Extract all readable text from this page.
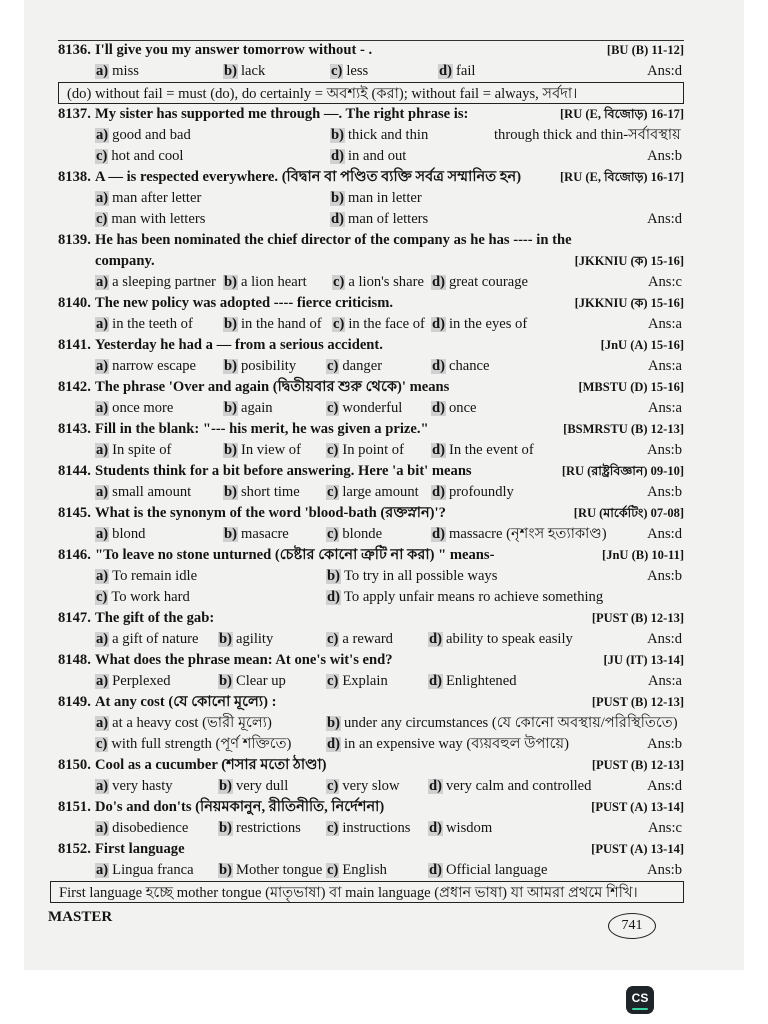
8136. I'll give you my answer tomorrow without - .	[BU (B) 11-12]
a) miss	b) lack	c) less	d) fail	Ans:d
(do) without fail = must (do), do certainly = অবশ্যই (করা); without fail = always, সর্বদা।
8137. My sister has supported me through —. The right phrase is:	[RU (E, বিজোড়) 16-17]
a) good and bad	b) thick and thin	through thick and thin-সর্বাবস্থায়
c) hot and cool	d) in and out	Ans:b
8138. A — is respected everywhere. (বিদ্বান বা পণ্ডিত ব্যক্তি সর্বত্র সম্মানিত হন)	[RU (E, বিজোড়) 16-17]
a) man after letter	b) man in letter
c) man with letters	d) man of letters	Ans:d
8139. He has been nominated the chief director of the company as he has ---- in the
company.	[JKKNIU (ক) 15-16]
a) a sleeping partner b) a lion heart c) a lion's share d) great courage	Ans:c
8140. The new policy was adopted ---- fierce criticism.	[JKKNIU (ক) 15-16]
a) in the teeth of b) in the hand of c) in the face of d) in the eyes of	Ans:a
8141. Yesterday he had a — from a serious accident.	[JnU (A) 15-16]
a) narrow escape b) posibility c) danger	d) chance	Ans:a
8142. The phrase 'Over and again (দ্বিতীয়বার শুরু থেকে)' means	[MBSTU (D) 15-16]
a) once more	b) again	c) wonderful d) once	Ans:a
8143. Fill in the blank: "--- his merit, he was given a prize."	[BSMRSTU (B) 12-13]
a) In spite of	b) In view of c) In point of d) In the event of	Ans:b
8144. Students think for a bit before answering. Here 'a bit' means	[RU (রাষ্ট্রবিজ্ঞান) 09-10]
a) small amount b) short time c) large amount d) profoundly	Ans:b
8145. What is the synonym of the word 'blood-bath (রক্তস্নান)'?	[RU (মার্কেটিং) 07-08]
a) blond	b) masacre	c) blonde	d) massacre (নৃশংস হত্যাকাণ্ড)	Ans:d
8146. "To leave no stone unturned (চেষ্টার কোনো ত্রুটি না করা) " means-	[JnU (B) 10-11]
a) To remain idle	b) To try in all possible ways	Ans:b
c) To work hard	d) To apply unfair means ro achieve something
8147. The gift of the gab:	[PUST (B) 12-13]
a) a gift of nature b) agility	c) a reward d) ability to speak easily	Ans:d
8148. What does the phrase mean: At one's wit's end?	[JU (IT) 13-14]
a) Perplexed	b) Clear up	c) Explain	d) Enlightened	Ans:a
8149. At any cost (যে কোনো মূল্যে) :	[PUST (B) 12-13]
a) at a heavy cost (ভারী মূল্যে)	b) under any circumstances (যে কোনো অবস্থায়/পরিস্থিতিতে)
c) with full strength (পূর্ণ শক্তিতে) d) in an expensive way (ব্যয়বহুল উপায়ে)	Ans:b
8150. Cool as a cucumber (শসার মতো ঠাণ্ডা)	[PUST (B) 12-13]
a) very hasty	b) very dull	c) very slow d) very calm and controlled	Ans:d
8151. Do's and don'ts (নিয়মকানুন, রীতিনীতি, নির্দেশনা)	[PUST (A) 13-14]
a) disobedience b) restrictions c) instructions d) wisdom	Ans:c
8152. First language	[PUST (A) 13-14]
a) Lingua franca b) Mother tongue c) English	d) Official language	Ans:b
First language হচ্ছে mother tongue (মাতৃভাষা) বা main language (প্রধান ভাষা) যা আমরা প্রথমে শিখি।
MASTER
741
CS
